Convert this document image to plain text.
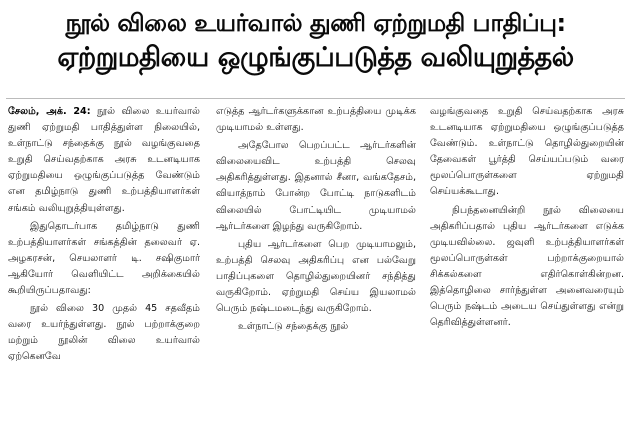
நூல் விலை உயர்வால் துணி ஏற்றுமதி பாதிப்பு:
ஏற்றுமதியை ஒழுங்குப்படுத்த வலியுறுத்தல்

சேலம், அக். 24: நூல் விலை உயர்வால் துணி ஏற்றுமதி பாதித்துள்ள நிலையில், உள்நாட்டு சந்தைக்கு நூல் வழங்குவதை உறுதி செய்வதற்காக அரசு உடனடியாக ஏற்றுமதியை ஒழுங்குப்படுத்த வேண்டும் என தமிழ்நாடு துணி உற்பத்தியாளர்கள் சங்கம் வலியுறுத்தியுள்ளது.

இதுதொடர்பாக தமிழ்நாடு துணி உற்பத்தியாளர்கள் சங்கத்தின் தலைவர் ஏ. அழகரசன், செயலாளர் டி. சஷிகுமார் ஆகியோர் வெளியிட்ட அறிக்கையில் கூறியிருப்பதாவது:

நூல் விலை 30 முதல் 45 சதவீதம் வரை உயர்ந்துள்ளது. நூல் பற்றாக்குறை மற்றும் நூலின் விலை உயர்வால் ஏற்கெனவே

எடுத்த ஆர்டர்களுக்கான உற்பத்தியை முடிக்க முடியாமல் உள்ளது.

அதேபோல பெறப்பட்ட ஆர்டர்களின் விலையைவிட உற்பத்தி செலவு அதிகரித்துள்ளது. இதனால் சீனா, வங்கதேசம், வியாத்நாம் போன்ற போட்டி நாடுகளிடம் விலையில் போட்டியிட முடியாமல் ஆர்டர்களை இழந்து வருகிறோம்.

புதிய ஆர்டர்களை பெற முடியாமலும், உற்பத்தி செலவு அதிகரிப்பு என பல்வேறு பாதிப்புகளை தொழில்துறையினர் சந்தித்து வருகிறோம். ஏற்றுமதி செய்ய இயலாமல் பெரும் நஷ்டமடைந்து வருகிறோம்.

உள்நாட்டு சந்தைக்கு நூல்

வழங்குவதை உறுதி செய்வதற்காக அரசு உடனடியாக ஏற்றுமதியை ஒழுங்குப்படுத்த வேண்டும். உள்நாட்டு தொழில்துறையின் தேவைகள் பூர்த்தி செய்யப்படும் வரை மூலப்பொருள்களை ஏற்றுமதி செய்யக்கூடாது.

நிபந்தனையின்றி நூல் விலையை அதிகரிப்பதால் புதிய ஆர்டர்களை எடுக்க முடியவில்லை. ஜவுளி உற்பத்தியாளர்கள் மூலப்பொருள்கள் பற்றாக்குறையால் சிக்கல்களை எதிர்கொள்கின்றன. இத்தொழிலை சார்ந்துள்ள அனைவரையும் பெரும் நஷ்டம் அடைய செய்துள்ளது என்று தெரிவித்துள்ளனர்.
